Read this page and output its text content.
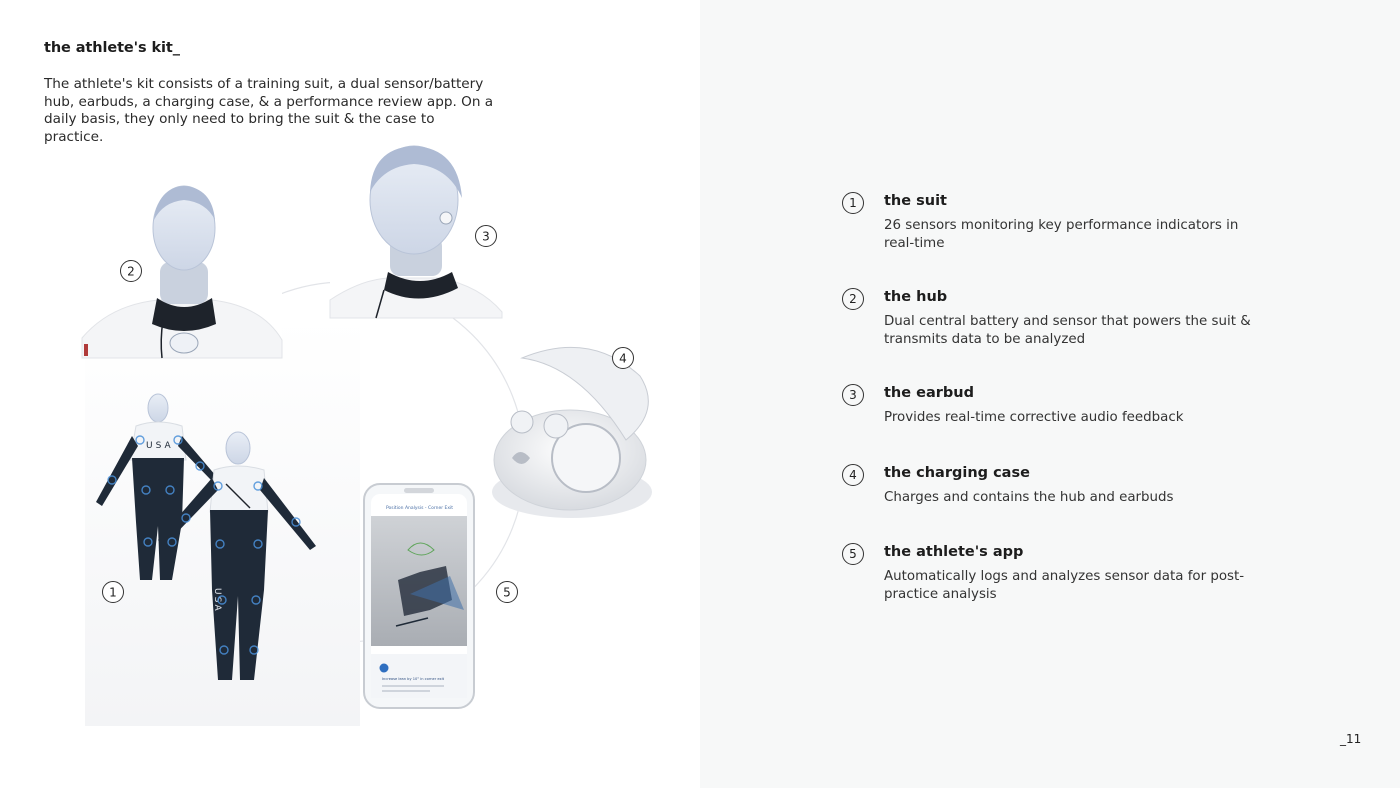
the athlete's kit_

The athlete's kit consists of a training suit, a dual sensor/battery hub, earbuds, a charging case, & a performance review app. On a daily basis, they only need to bring the suit & the case to practice.

USA
USA
Position Analysis - Corner Exit
Increase lean by 10° in corner exit
1
2
3
4
5
1	the suit

26 sensors monitoring key performance indicators in real-time

2	the hub

Dual central battery and sensor that powers the suit & transmits data to be analyzed

3	the earbud

Provides real-time corrective audio feedback

4	the charging case

Charges and contains the hub and earbuds

5	the athlete's app

Automatically logs and analyzes sensor data for post-practice analysis

_11
